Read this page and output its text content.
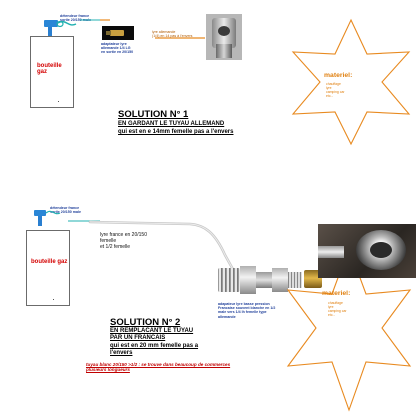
détendeur france
sortie 20/150
bouteille gaz
adaptateur lyre
allemande 1/4 LG
en sortie en 20/150
lyre allemande
(1/4) en 14 pas à l'envers
materiel:
chauffage
lyre
camping car
etc...
SOLUTION N° 1
EN GARDANT LE TUYAU ALLEMAND
qui est en e 14mm femelle pas a l'envers
détendeur france
sortie 20/150 male
bouteille gaz
lyre france en 20/150
femelle
et 1/2 femelle
materiel:
chauffage
lyre
camping car
etc...
adapateur lyre basse pression
Francaise souvent blanche en 1/2
male vers 1/4 lh femelle type
allemande
SOLUTION N° 2
EN REMPLACANT LE TUYAU
PAR UN FRANCAIS
qui est en 20 mm femelle pas a
l'envers
tuyau blanc 20/150 >1/2 : se trouve dans beaucoup de commerces
plusieurs longueurs
